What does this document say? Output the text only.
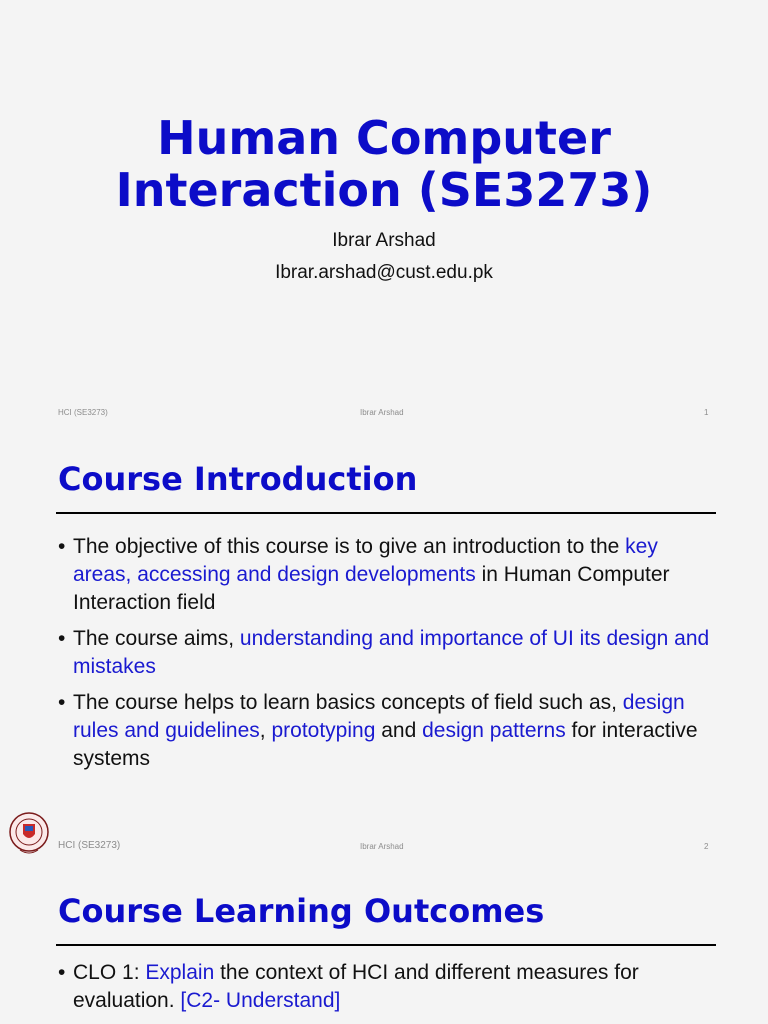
Human Computer
Interaction (SE3273)
Ibrar Arshad
Ibrar.arshad@cust.edu.pk
HCI (SE3273)	Ibrar Arshad	1
Course Introduction
• The objective of this course is to give an introduction to the key areas, accessing and design developments in Human Computer Interaction field
• The course aims, understanding and importance of UI its design and mistakes
• The course helps to learn basics concepts of field such as, design rules and guidelines, prototyping and design patterns for interactive systems
HCI (SE3273)	Ibrar Arshad	2
Course Learning Outcomes
• CLO 1: Explain the context of HCI and different measures for evaluation. [C2- Understand]
